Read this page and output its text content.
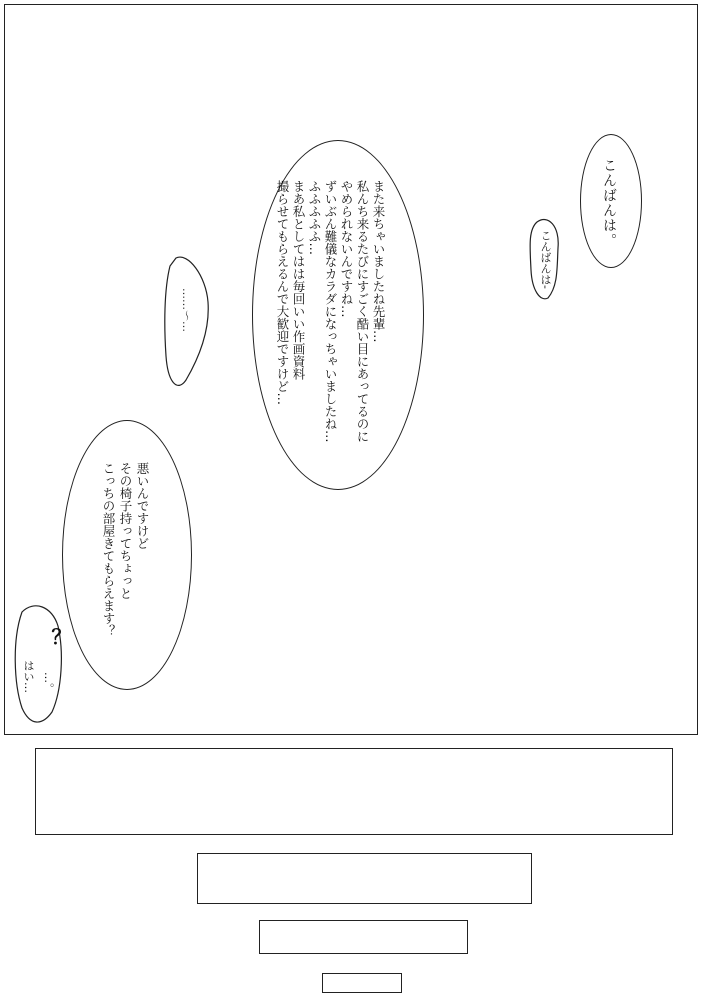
こんばんは。
こんばんは-
また来ちゃいましたね先輩…
私んち来るたびにすごく酷い目にあってるのに
やめられないんですね…
ずいぶん難儀なカラダになっちゃいましたね…
ふふふふふ…
まあ私としてはは毎回いい作画資料
撮らせてもらえるんで大歓迎ですけど…
……〜…
悪いんですけど
その椅子持ってちょっと
こっちの部屋きてもらえます？
？
はい… …。
